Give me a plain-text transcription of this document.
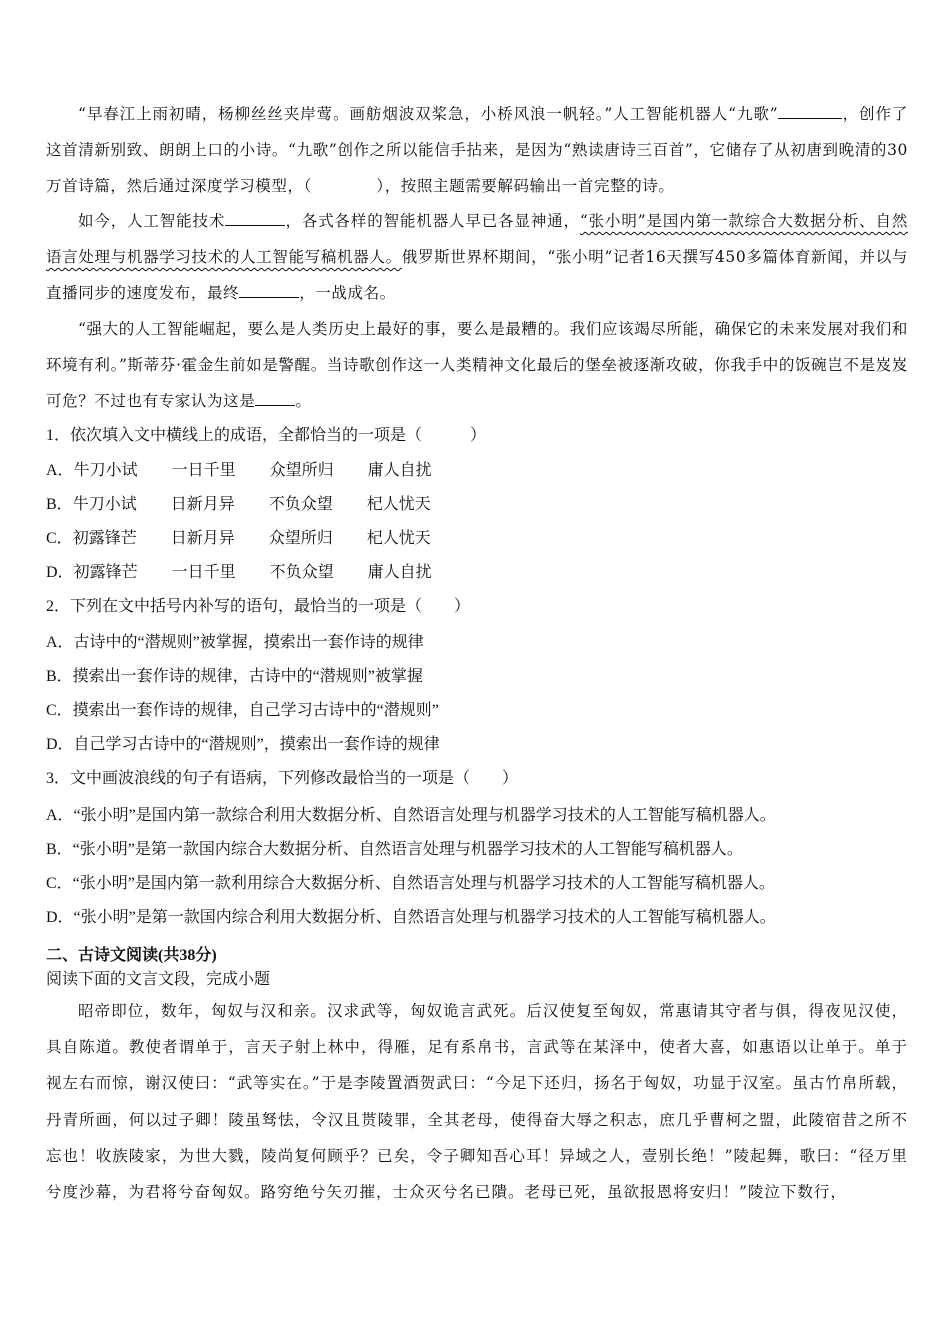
“早春江上雨初晴，杨柳丝丝夹岸莺。画舫烟波双桨急，小桥风浪一帆轻。”人工智能机器人“九歌”	，创作了这首清新别致、朗朗上口的小诗。“九歌”创作之所以能信手拈来，是因为“熟读唐诗三百首”，它储存了从初唐到晚清的30万首诗篇，然后通过深度学习模型，（　　　　），按照主题需要解码输出一首完整的诗。
如今，人工智能技术	，各式各样的智能机器人早已各显神通，“张小明”是国内第一款综合大数据分析、自然语言处理与机器学习技术的人工智能写稿机器人。俄罗斯世界杯期间，“张小明”记者16天撰写450多篇体育新闻，并以与直播同步的速度发布，最终	，一战成名。
“强大的人工智能崛起，要么是人类历史上最好的事，要么是最糟的。我们应该竭尽所能，确保它的未来发展对我们和环境有利。”斯蒂芬·霍金生前如是警醒。当诗歌创作这一人类精神文化最后的堡垒被逐渐攻破，你我手中的饭碗岂不是岌岌可危？不过也有专家认为这是	。
1．依次填入文中横线上的成语，全都恰当的一项是（　　　）
A．牛刀小试 一日千里 众望所归 庸人自扰
B．牛刀小试 日新月异 不负众望 杞人忧天
C．初露锋芒 日新月异 众望所归 杞人忧天
D．初露锋芒 一日千里 不负众望 庸人自扰
2．下列在文中括号内补写的语句，最恰当的一项是（　　）
A．古诗中的“潜规则”被掌握，摸索出一套作诗的规律
B．摸索出一套作诗的规律，古诗中的“潜规则”被掌握
C．摸索出一套作诗的规律，自己学习古诗中的“潜规则”
D．自己学习古诗中的“潜规则”，摸索出一套作诗的规律
3．文中画波浪线的句子有语病，下列修改最恰当的一项是（　　）
A．“张小明”是国内第一款综合利用大数据分析、自然语言处理与机器学习技术的人工智能写稿机器人。
B．“张小明”是第一款国内综合大数据分析、自然语言处理与机器学习技术的人工智能写稿机器人。
C．“张小明”是国内第一款利用综合大数据分析、自然语言处理与机器学习技术的人工智能写稿机器人。
D．“张小明”是第一款国内综合利用大数据分析、自然语言处理与机器学习技术的人工智能写稿机器人。
二、古诗文阅读(共38分)
阅读下面的文言文段，完成小题
昭帝即位，数年，匈奴与汉和亲。汉求武等，匈奴诡言武死。后汉使复至匈奴，常惠请其守者与俱，得夜见汉使，具自陈道。教使者谓单于，言天子射上林中，得雁，足有系帛书，言武等在某泽中，使者大喜，如惠语以让单于。单于视左右而惊，谢汉使曰：“武等实在。”于是李陵置酒贺武曰：“今足下还归，扬名于匈奴，功显于汉室。虽古竹帛所载，丹青所画，何以过子卿！陵虽驽怯，令汉且贳陵罪，全其老母，使得奋大辱之积志，庶几乎曹柯之盟，此陵宿昔之所不忘也！收族陵家，为世大戮，陵尚复何顾乎？已矣，令子卿知吾心耳！异域之人，壹别长绝！”陵起舞，歌曰：“径万里兮度沙幕，为君将兮奋匈奴。路穷绝兮矢刃摧，士众灭兮名已隤。老母已死，虽欲报恩将安归！”陵泣下数行，
